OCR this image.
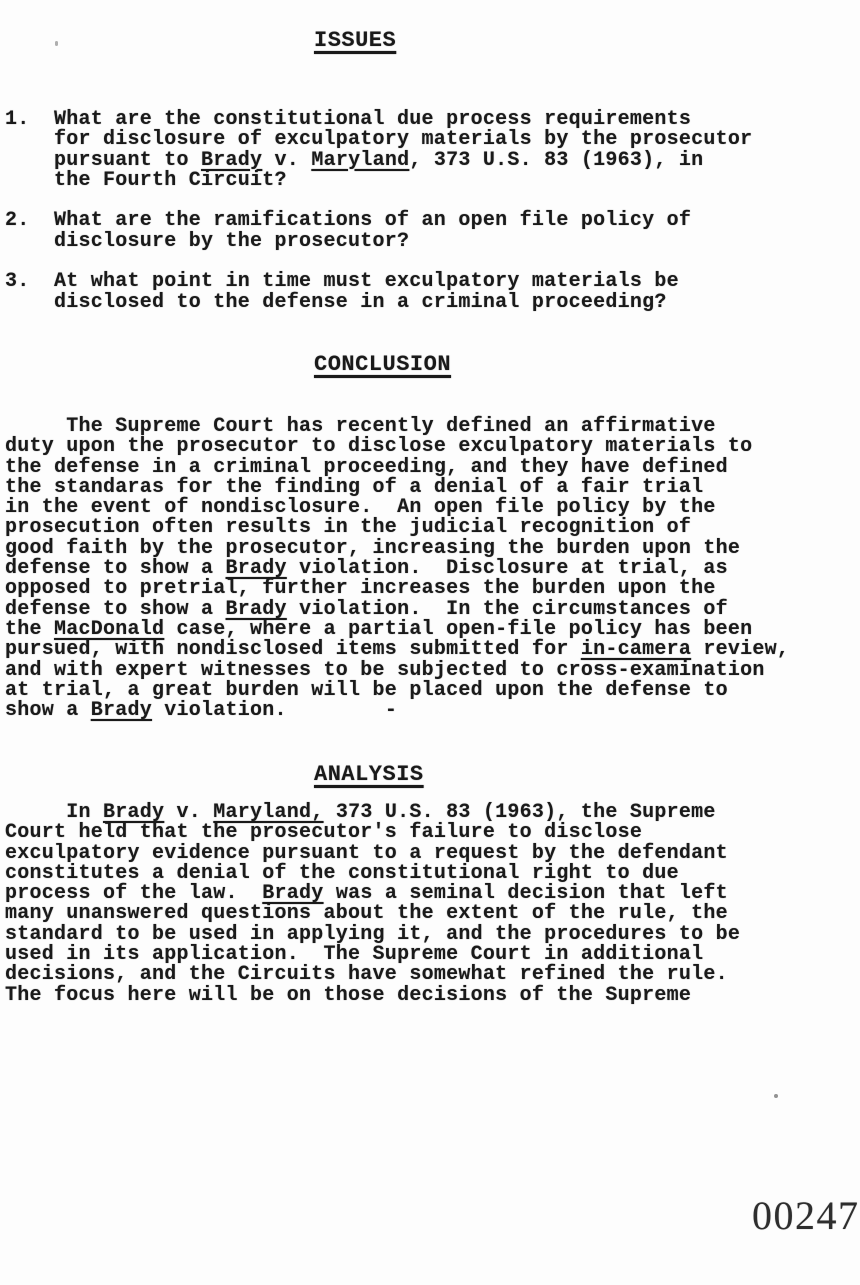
ISSUES
1.	What are the constitutional due process requirements
for disclosure of exculpatory materials by the prosecutor
pursuant to Brady v. Maryland, 373 U.S. 83 (1963), in
the Fourth Circuit?

2.	What are the ramifications of an open file policy of
disclosure by the prosecutor?

3.	At what point in time must exculpatory materials be
disclosed to the defense in a criminal proceeding?
CONCLUSION
The Supreme Court has recently defined an affirmative
duty upon the prosecutor to disclose exculpatory materials to
the defense in a criminal proceeding, and they have defined
the standaras for the finding of a denial of a fair trial
in the event of nondisclosure.  An open file policy by the
prosecution often results in the judicial recognition of
good faith by the prosecutor, increasing the burden upon the
defense to show a Brady violation.  Disclosure at trial, as
opposed to pretrial, further increases the burden upon the
defense to show a Brady violation.  In the circumstances of
the MacDonald case, where a partial open-file policy has been
pursued, with nondisclosed items submitted for in-camera review,
and with expert witnesses to be subjected to cross-examination
at trial, a great burden will be placed upon the defense to
show a Brady violation.        -
ANALYSIS
In Brady v. Maryland, 373 U.S. 83 (1963), the Supreme
Court held that the prosecutor's failure to disclose
exculpatory evidence pursuant to a request by the defendant
constitutes a denial of the constitutional right to due
process of the law.  Brady was a seminal decision that left
many unanswered questions about the extent of the rule, the
standard to be used in applying it, and the procedures to be
used in its application.  The Supreme Court in additional
decisions, and the Circuits have somewhat refined the rule.
The focus here will be on those decisions of the Supreme
00247
